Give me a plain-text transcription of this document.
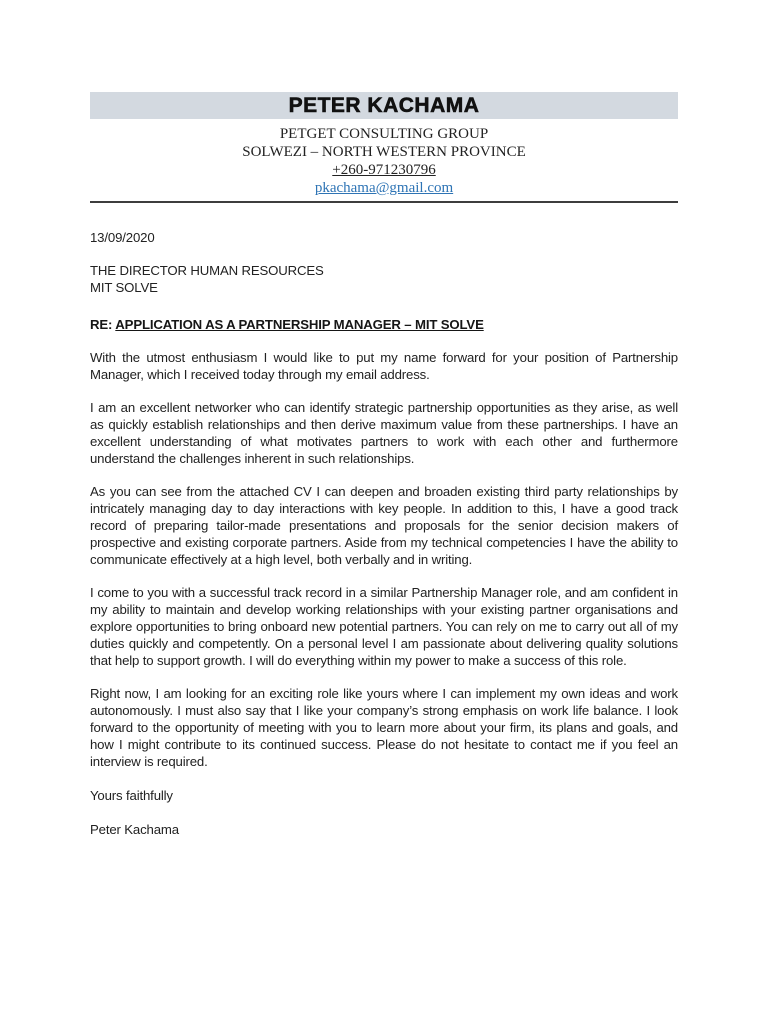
PETER KACHAMA
PETGET CONSULTING GROUP
SOLWEZI – NORTH WESTERN PROVINCE
+260-971230796
pkachama@gmail.com
13/09/2020
THE DIRECTOR HUMAN RESOURCES
MIT SOLVE
RE: APPLICATION AS A PARTNERSHIP MANAGER – MIT SOLVE

With the utmost enthusiasm I would like to put my name forward for your position of Partnership Manager, which I received today through my email address.

I am an excellent networker who can identify strategic partnership opportunities as they arise, as well as quickly establish relationships and then derive maximum value from these partnerships. I have an excellent understanding of what motivates partners to work with each other and furthermore understand the challenges inherent in such relationships.

As you can see from the attached CV I can deepen and broaden existing third party relationships by intricately managing day to day interactions with key people. In addition to this, I have a good track record of preparing tailor-made presentations and proposals for the senior decision makers of prospective and existing corporate partners. Aside from my technical competencies I have the ability to communicate effectively at a high level, both verbally and in writing.

I come to you with a successful track record in a similar Partnership Manager role, and am confident in my ability to maintain and develop working relationships with your existing partner organisations and explore opportunities to bring onboard new potential partners. You can rely on me to carry out all of my duties quickly and competently. On a personal level I am passionate about delivering quality solutions that help to support growth. I will do everything within my power to make a success of this role.

Right now, I am looking for an exciting role like yours where I can implement my own ideas and work autonomously. I must also say that I like your company’s strong emphasis on work life balance. I look forward to the opportunity of meeting with you to learn more about your firm, its plans and goals, and how I might contribute to its continued success. Please do not hesitate to contact me if you feel an interview is required.

Yours faithfully
Peter Kachama
